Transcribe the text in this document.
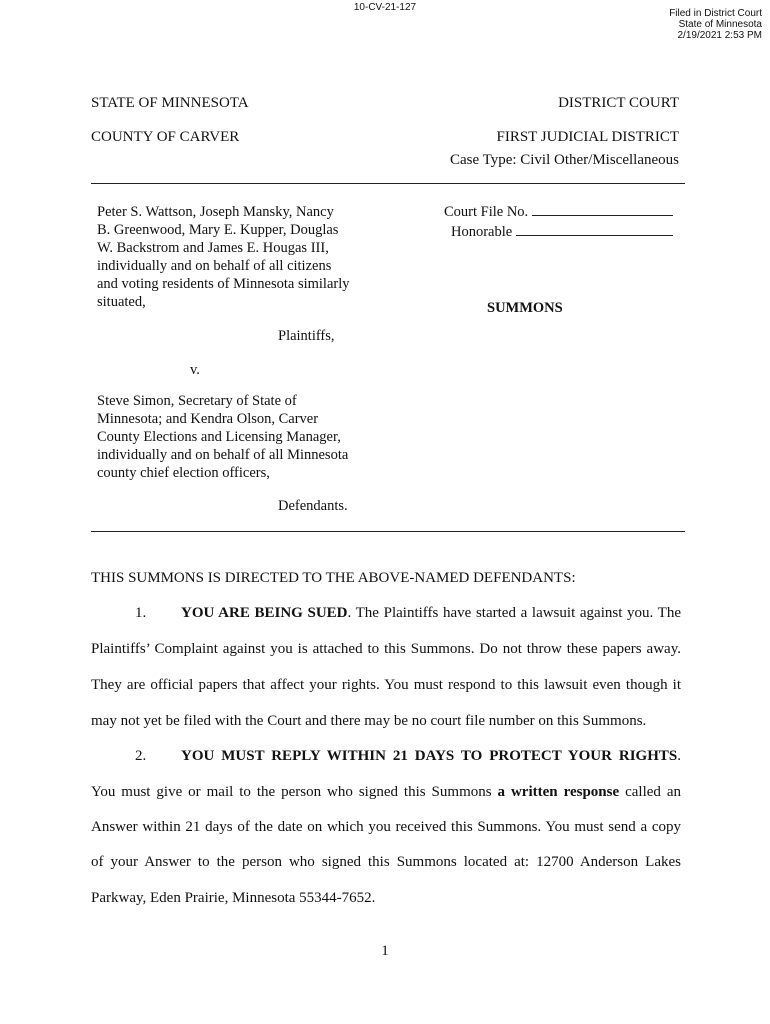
10-CV-21-127
Filed in District Court
State of Minnesota
2/19/2021 2:53 PM
STATE OF MINNESOTA
COUNTY OF CARVER
DISTRICT COURT
FIRST JUDICIAL DISTRICT
Case Type: Civil Other/Miscellaneous
Peter S. Wattson, Joseph Mansky, Nancy
B. Greenwood, Mary E. Kupper, Douglas
W. Backstrom and James E. Hougas III,
individually and on behalf of all citizens
and voting residents of Minnesota similarly
situated,
Plaintiffs,
v.
Steve Simon, Secretary of State of
Minnesota; and Kendra Olson, Carver
County Elections and Licensing Manager,
individually and on behalf of all Minnesota
county chief election officers,
Defendants.
Court File No.
Honorable
SUMMONS
THIS SUMMONS IS DIRECTED TO THE ABOVE-NAMED DEFENDANTS:
1. YOU ARE BEING SUED. The Plaintiffs have started a lawsuit against you. The
Plaintiffs’ Complaint against you is attached to this Summons. Do not throw these papers away.
They are official papers that affect your rights. You must respond to this lawsuit even though it
may not yet be filed with the Court and there may be no court file number on this Summons.
2. YOU MUST REPLY WITHIN 21 DAYS TO PROTECT YOUR RIGHTS.
You must give or mail to the person who signed this Summons a written response called an
Answer within 21 days of the date on which you received this Summons. You must send a copy
of your Answer to the person who signed this Summons located at: 12700 Anderson Lakes
Parkway, Eden Prairie, Minnesota 55344-7652.
1
